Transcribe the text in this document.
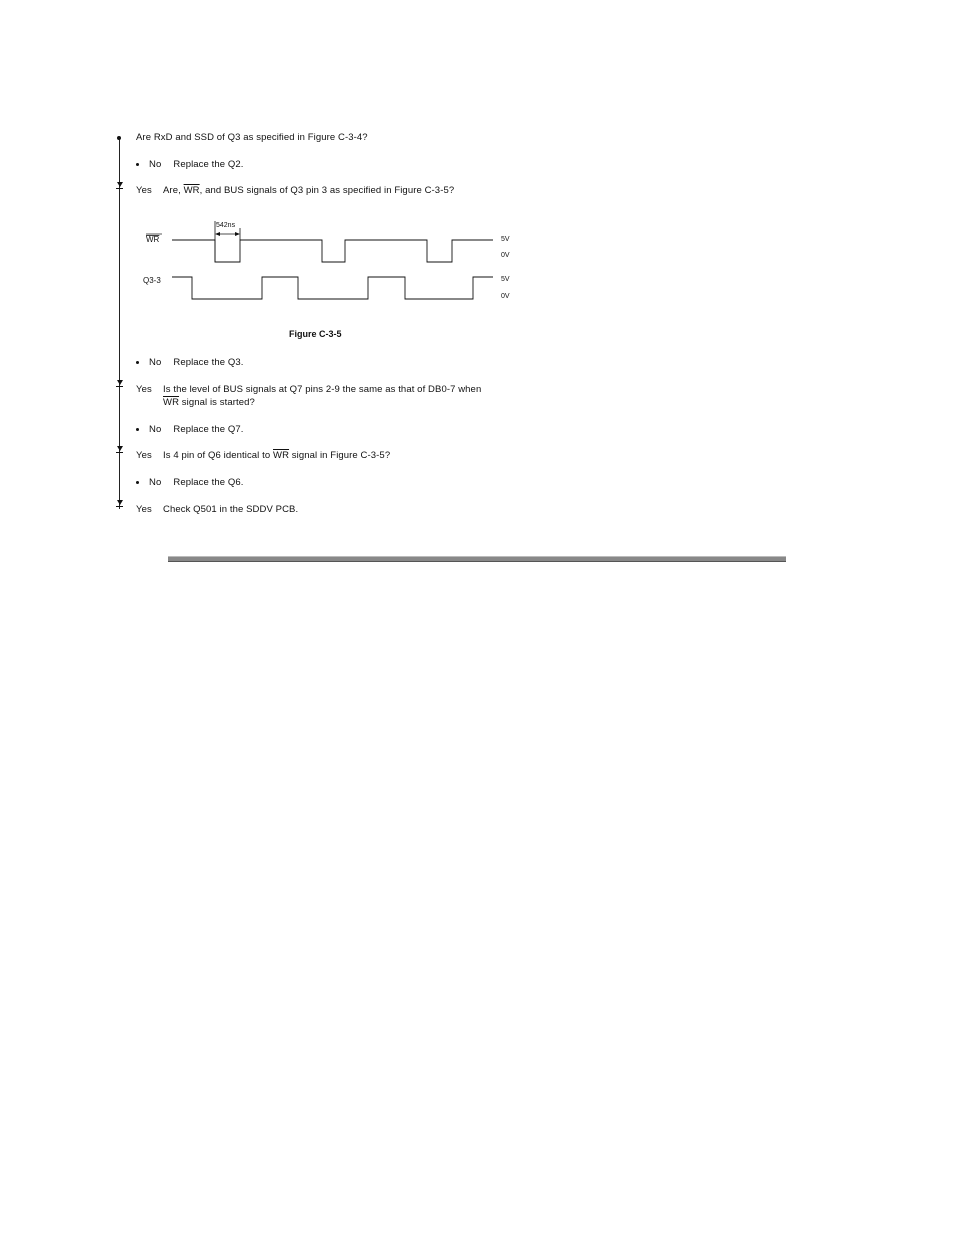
Are RxD and SSD of Q3 as specified in Figure C-3-4?
No Replace the Q2.
Yes Are, $\overline{WR}$, and BUS signals of Q3 pin 3 as specified in Figure C-3-5?
542ns
WR	5V
0V
Q3-3	5V
0V
Figure C-3-5
No Replace the Q3.
Yes Is the level of BUS signals at Q7 pins 2-9 the same as that of DB0-7 when
$\overline{WR}$ signal is started?
No Replace the Q7.
Yes Is 4 pin of Q6 identical to $\overline{WR}$ signal in Figure C-3-5?
No Replace the Q6.
Yes Check Q501 in the SDDV PCB.
